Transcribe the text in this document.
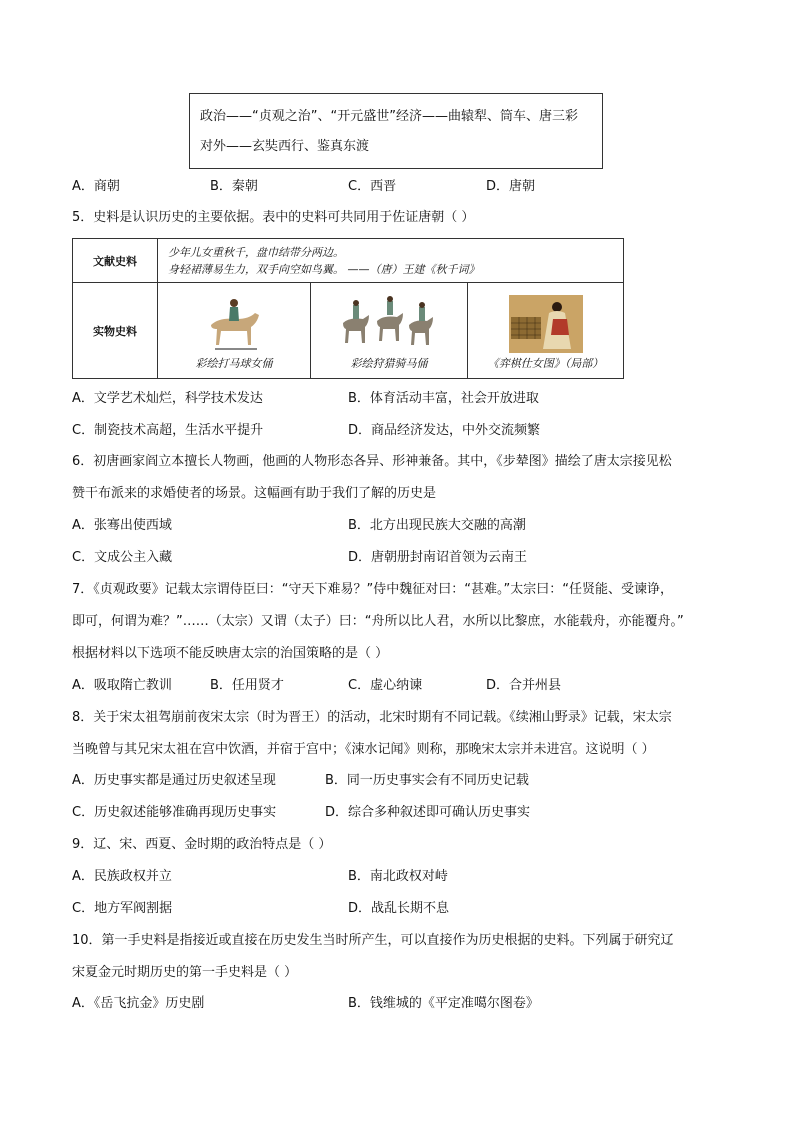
政治——“贞观之治”、“开元盛世”经济——曲辕犁、筒车、唐三彩
对外——玄奘西行、鉴真东渡
A．商朝	B．秦朝	C．西晋	D．唐朝
5．史料是认识历史的主要依据。表中的史料可共同用于佐证唐朝（ ）
文献史料	少年儿女重秋千，盘巾结带分两边。
身轻裙薄易生力，双手向空如鸟翼。 ——（唐）王建《秋千词》		

实物史料	彩绘打马球女俑	彩绘狩猎骑马俑	《弈棋仕女图》（局部）
A．文学艺术灿烂，科学技术发达	B．体育活动丰富，社会开放进取
C．制瓷技术高超，生活水平提升	D．商品经济发达，中外交流频繁
6．初唐画家阎立本擅长人物画，他画的人物形态各异、形神兼备。其中，《步辇图》描绘了唐太宗接见松
赞干布派来的求婚使者的场景。这幅画有助于我们了解的历史是
A．张骞出使西域	B．北方出现民族大交融的高潮
C．文成公主入藏	D．唐朝册封南诏首领为云南王
7．《贞观政要》记载太宗谓侍臣曰：“守天下难易？”侍中魏征对曰：“甚难。”太宗曰：“任贤能、受谏诤，
即可，何谓为难？”……（太宗）又谓（太子）曰：“舟所以比人君，水所以比黎庶，水能载舟，亦能覆舟。”
根据材料以下选项不能反映唐太宗的治国策略的是（ ）
A．吸取隋亡教训	B．任用贤才	C．虚心纳谏	D．合并州县
8．关于宋太祖驾崩前夜宋太宗（时为晋王）的活动，北宋时期有不同记载。《续湘山野录》记载，宋太宗
当晚曾与其兄宋太祖在宫中饮酒，并宿于宫中；《涑水记闻》则称，那晚宋太宗并未进宫。这说明（ ）
A．历史事实都是通过历史叙述呈现	B．同一历史事实会有不同历史记载
C．历史叙述能够准确再现历史事实	D．综合多种叙述即可确认历史事实
9．辽、宋、西夏、金时期的政治特点是（ ）
A．民族政权并立	B．南北政权对峙
C．地方军阀割据	D．战乱长期不息
10．第一手史料是指接近或直接在历史发生当时所产生，可以直接作为历史根据的史料。下列属于研究辽
宋夏金元时期历史的第一手史料是（ ）
A．《岳飞抗金》历史剧	B．钱维城的《平定准噶尔图卷》
